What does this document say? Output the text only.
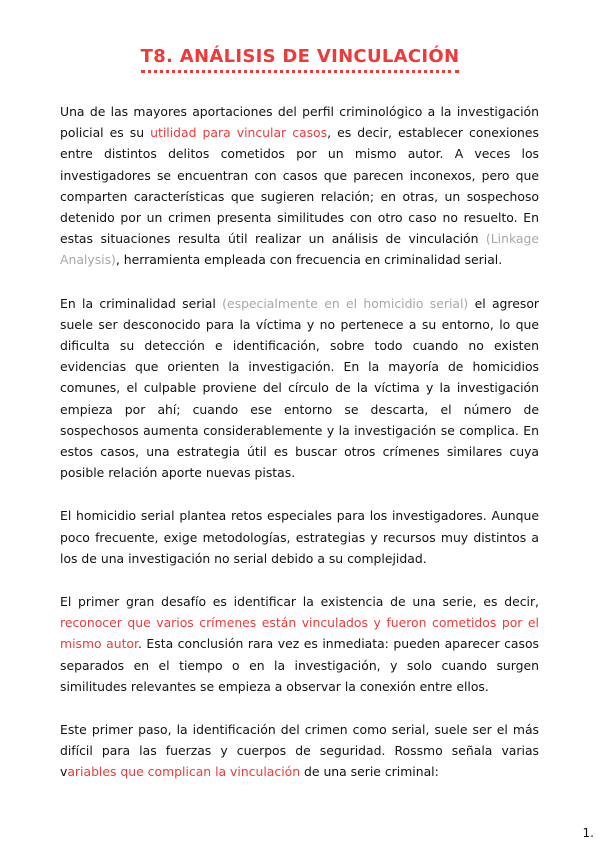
T8. ANÁLISIS DE VINCULACIÓN

Una de las mayores aportaciones del perfil criminológico a la investigación policial es su utilidad para vincular casos, es decir, establecer conexiones entre distintos delitos cometidos por un mismo autor. A veces los investigadores se encuentran con casos que parecen inconexos, pero que comparten características que sugieren relación; en otras, un sospechoso detenido por un crimen presenta similitudes con otro caso no resuelto. En estas situaciones resulta útil realizar un análisis de vinculación (Linkage Analysis), herramienta empleada con frecuencia en criminalidad serial.

En la criminalidad serial (especialmente en el homicidio serial) el agresor suele ser desconocido para la víctima y no pertenece a su entorno, lo que dificulta su detección e identificación, sobre todo cuando no existen evidencias que orienten la investigación. En la mayoría de homicidios comunes, el culpable proviene del círculo de la víctima y la investigación empieza por ahí; cuando ese entorno se descarta, el número de sospechosos aumenta considerablemente y la investigación se complica. En estos casos, una estrategia útil es buscar otros crímenes similares cuya posible relación aporte nuevas pistas.

El homicidio serial plantea retos especiales para los investigadores. Aunque poco frecuente, exige metodologías, estrategias y recursos muy distintos a los de una investigación no serial debido a su complejidad.

El primer gran desafío es identificar la existencia de una serie, es decir, reconocer que varios crímenes están vinculados y fueron cometidos por el mismo autor. Esta conclusión rara vez es inmediata: pueden aparecer casos separados en el tiempo o en la investigación, y solo cuando surgen similitudes relevantes se empieza a observar la conexión entre ellos.

Este primer paso, la identificación del crimen como serial, suele ser el más difícil para las fuerzas y cuerpos de seguridad. Rossmo señala varias variables que complican la vinculación de una serie criminal:

1.
